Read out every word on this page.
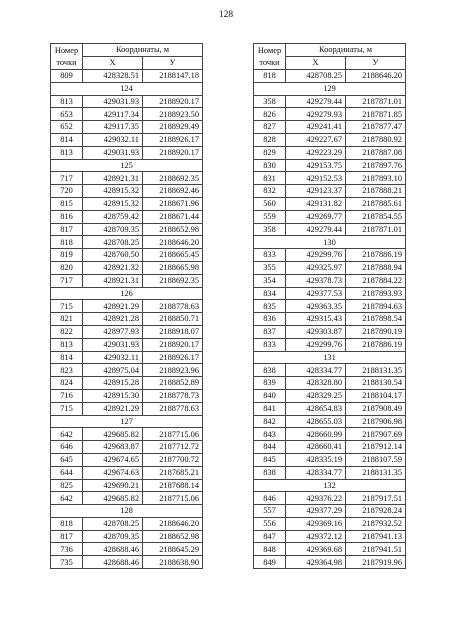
128
Номер
точки	Координаты, м	
	Х	У
809	428328.51	2188147.18
124		
813	429031.93	2188920.17
653	429117.34	2188923.50
652	429117.35	2188929.49
814	429032.11	2188926.17
813	429031.93	2188920.17
125		
717	428921.31	2188692.35
720	428915.32	2188692.46
815	428915.32	2188671.96
816	428759.42	2188671.44
817	428709.35	2188652.98
818	428708.25	2188646.20
819	428760.50	2188665.45
820	428921.32	2188665.98
717	428921.31	2188692.35
126		
715	428921.29	2188778.63
821	428921.28	2188850.71
822	428977.93	2188918.07
813	429031.93	2188920.17
814	429032.11	2188926.17
823	428975.04	2188923.96
824	428915.28	2188852.89
716	428915.30	2188778.73
715	428921.29	2188778.63
127		
642	429685.82	2187715.06
646	429683.87	2187712.72
645	429674.65	2187700.72
644	429674.63	2187685.21
825	429690.21	2187688.14
642	429685.82	2187715.06
128		
818	428708.25	2188646.20
817	428709.35	2188652.98
736	428688.46	2188645.29
735	428688.46	2188638.90
Номер
точки	Координаты, м	
	Х	У
818	428708.25	2188646.20
129		
358	429279.44	2187871.01
826	429279.93	2187871.85
827	429241.41	2187877.47
828	429227.67	2187880.92
829	429223.29	2187887.08
830	429153.75	2187897.76
831	429152.53	2187893.10
832	429123.37	2187888.21
560	429131.82	2187885.61
559	429269.77	2187854.55
358	429279.44	2187871.01
130		
833	429299.76	2187886.19
355	429325.97	2187888.94
354	429378.73	2187884.22
834	429377.53	2187893.93
835	429363.35	2187894.63
836	429315.43	2187898.54
837	429303.87	2187890.19
833	429299.76	2187886.19
131		
838	428334.77	2188131.35
839	428328.80	2188130.54
840	428329.25	2188104.17
841	428654.83	2187908.49
842	428655.03	2187906.98
843	428660.99	2187907.69
844	428660.41	2187912.14
845	428335.19	2188107.59
838	428334.77	2188131.35
132		
846	429376.22	2187917.51
557	429377.29	2187928.24
556	429369.16	2187932.52
847	429372.12	2187941.13
848	429369.68	2187941.51
849	429364.98	2187919.96
